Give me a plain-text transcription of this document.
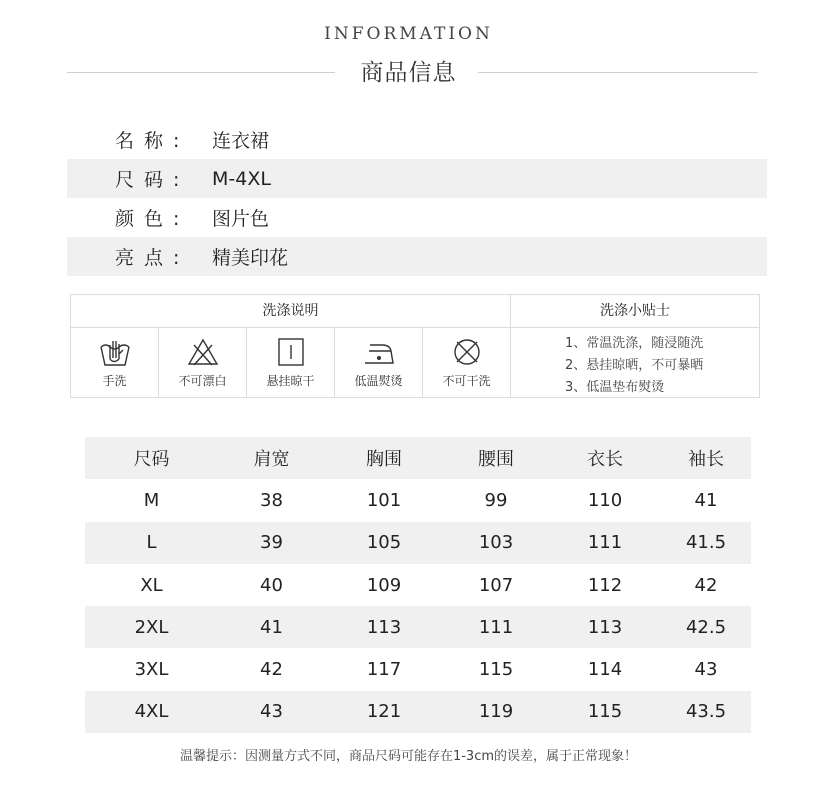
INFORMATION
商品信息
名称:	连衣裙
尺码:	M-4XL
颜色:	图片色
亮点:	精美印花
洗涤说明
手洗	不可漂白	悬挂晾干	低温熨烫	不可干洗
洗涤小贴士
1、常温洗涤，随浸随洗
2、悬挂晾晒，不可暴晒
3、低温垫布熨烫
尺码	肩宽	胸围	腰围	衣长	袖长
M	38	101	99	110	41
L	39	105	103	111	41.5
XL	40	109	107	112	42
2XL	41	113	111	113	42.5
3XL	42	117	115	114	43
4XL	43	121	119	115	43.5
温馨提示：因测量方式不同，商品尺码可能存在1-3cm的误差，属于正常现象！
